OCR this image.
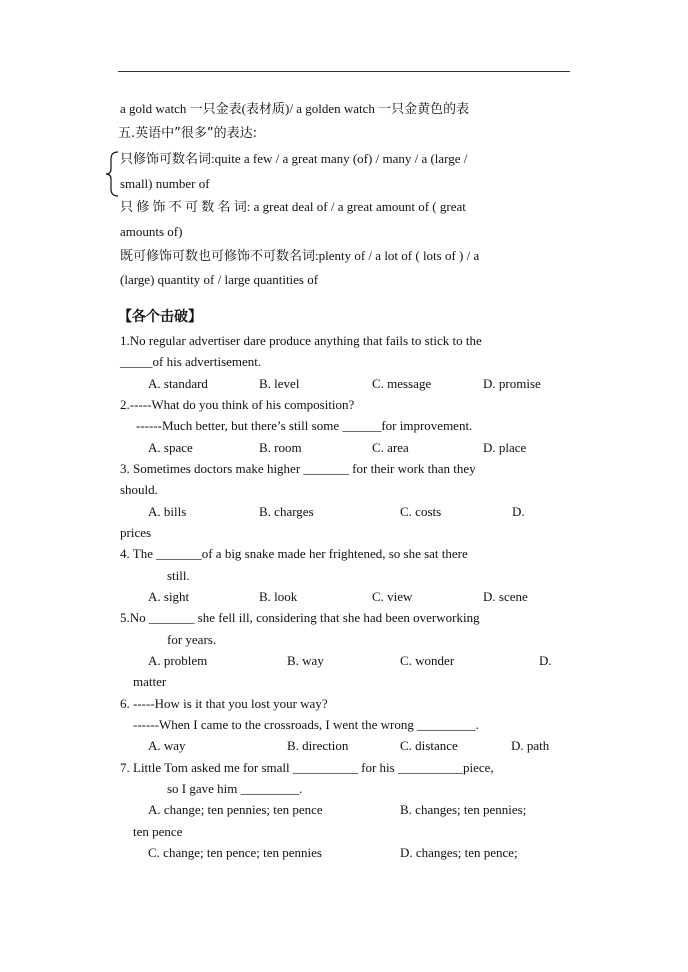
a gold watch 一只金表(表材质)/ a golden watch 一只金黄色的表
五.英语中”很多”的表达:
只修饰可数名词:quite a few / a great many (of) / many / a (large /
small) number of
只 修 饰 不 可 数 名 词: a great deal of / a great amount of ( great
amounts of)
既可修饰可数也可修饰不可数名词:plenty of / a lot of ( lots of ) / a
(large) quantity of / large quantities of
【各个击破】
1.No regular advertiser dare produce anything that fails to stick to the
_____of his advertisement.
A. standard	B. level	C. message	D. promise
2.-----What do you think of his composition?
------Much better, but there’s still some ______for improvement.
A. space	B. room	C. area	D. place
3. Sometimes doctors make higher _______ for their work than they
should.
A. bills	B. charges	C. costs	D.
prices
4. The _______of a big snake made her frightened, so she sat there
still.
A. sight	B. look	C. view	D. scene
5.No _______ she fell ill, considering that she had been overworking
for years.
A. problem	B. way	C. wonder	D.
matter
6. -----How is it that you lost your way?
------When I came to the crossroads, I went the wrong _________.
A. way	B. direction	C. distance	D. path
7. Little Tom asked me for small __________ for his __________piece,
so I gave him _________.
A. change; ten pennies; ten pence	B. changes; ten pennies;
ten pence
C. change; ten pence; ten pennies	D. changes; ten pence;
